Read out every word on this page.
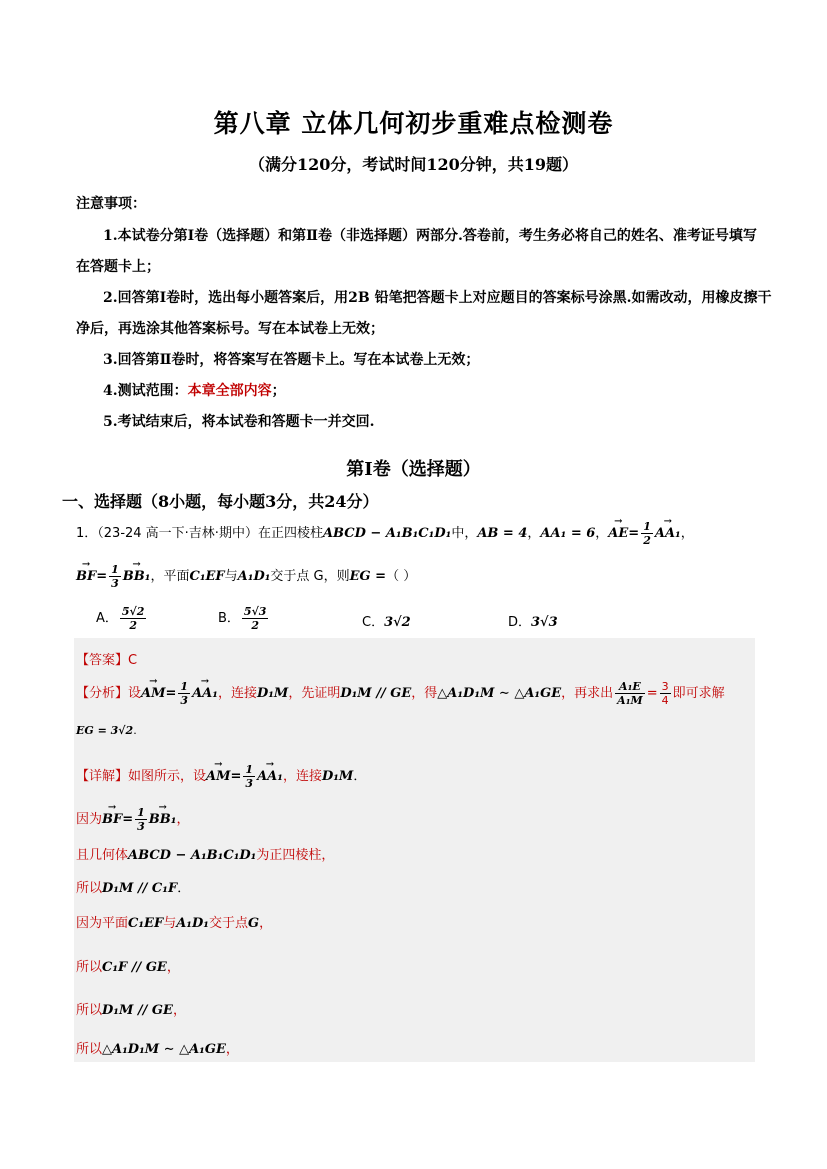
第八章 立体几何初步重难点检测卷
（满分120分，考试时间120分钟，共19题）
注意事项：

1.本试卷分第Ⅰ卷（选择题）和第Ⅱ卷（非选择题）两部分.答卷前，考生务必将自己的姓名、准考证号填写

在答题卡上；

2.回答第Ⅰ卷时，选出每小题答案后，用2B 铅笔把答题卡上对应题目的答案标号涂黑.如需改动，用橡皮擦干

净后，再选涂其他答案标号。写在本试卷上无效；

3.回答第Ⅱ卷时，将答案写在答题卡上。写在本试卷上无效；

4.测试范围：本章全部内容；

5.考试结束后，将本试卷和答题卡一并交回.

第Ⅰ卷（选择题）
一、选择题（8小题，每小题3分，共24分）
1．（23-24 高一下·吉林·期中）在正四棱柱ABCD − A₁B₁C₁D₁中，AB = 4，AA₁ = 6，→ $AE= \frac{1}{2}$
→ AA₁，
→ $BF= \frac{1}{3}$
→ BB₁，平面C₁EF与A₁D₁交于点 G，则EG =（ ）
A． $\frac{5√2}{2}$	B． $\frac{5√3}{2}$	C．3√2	D．3√3
【答案】C
【分析】设→ $AM= \frac{1}{3}$
→ AA₁，连接D₁M，先证明D₁M // GE，得△A₁D₁M ∼ △A₁GE，再求出 $\frac{\text{A₁E}}{\text{A₁M}} = \frac{3}{4}$ 即可求解
EG = 3√2.
【详解】如图所示，设→ $AM= \frac{1}{3}$
→ AA₁，连接D₁M．
因为→ $BF= \frac{1}{3}$
→ BB₁，
且几何体ABCD − A₁B₁C₁D₁为正四棱柱，
所以D₁M // C₁F．
因为平面C₁EF与A₁D₁交于点G，
所以C₁F // GE，
所以D₁M // GE，
所以△A₁D₁M ∼ △A₁GE，
